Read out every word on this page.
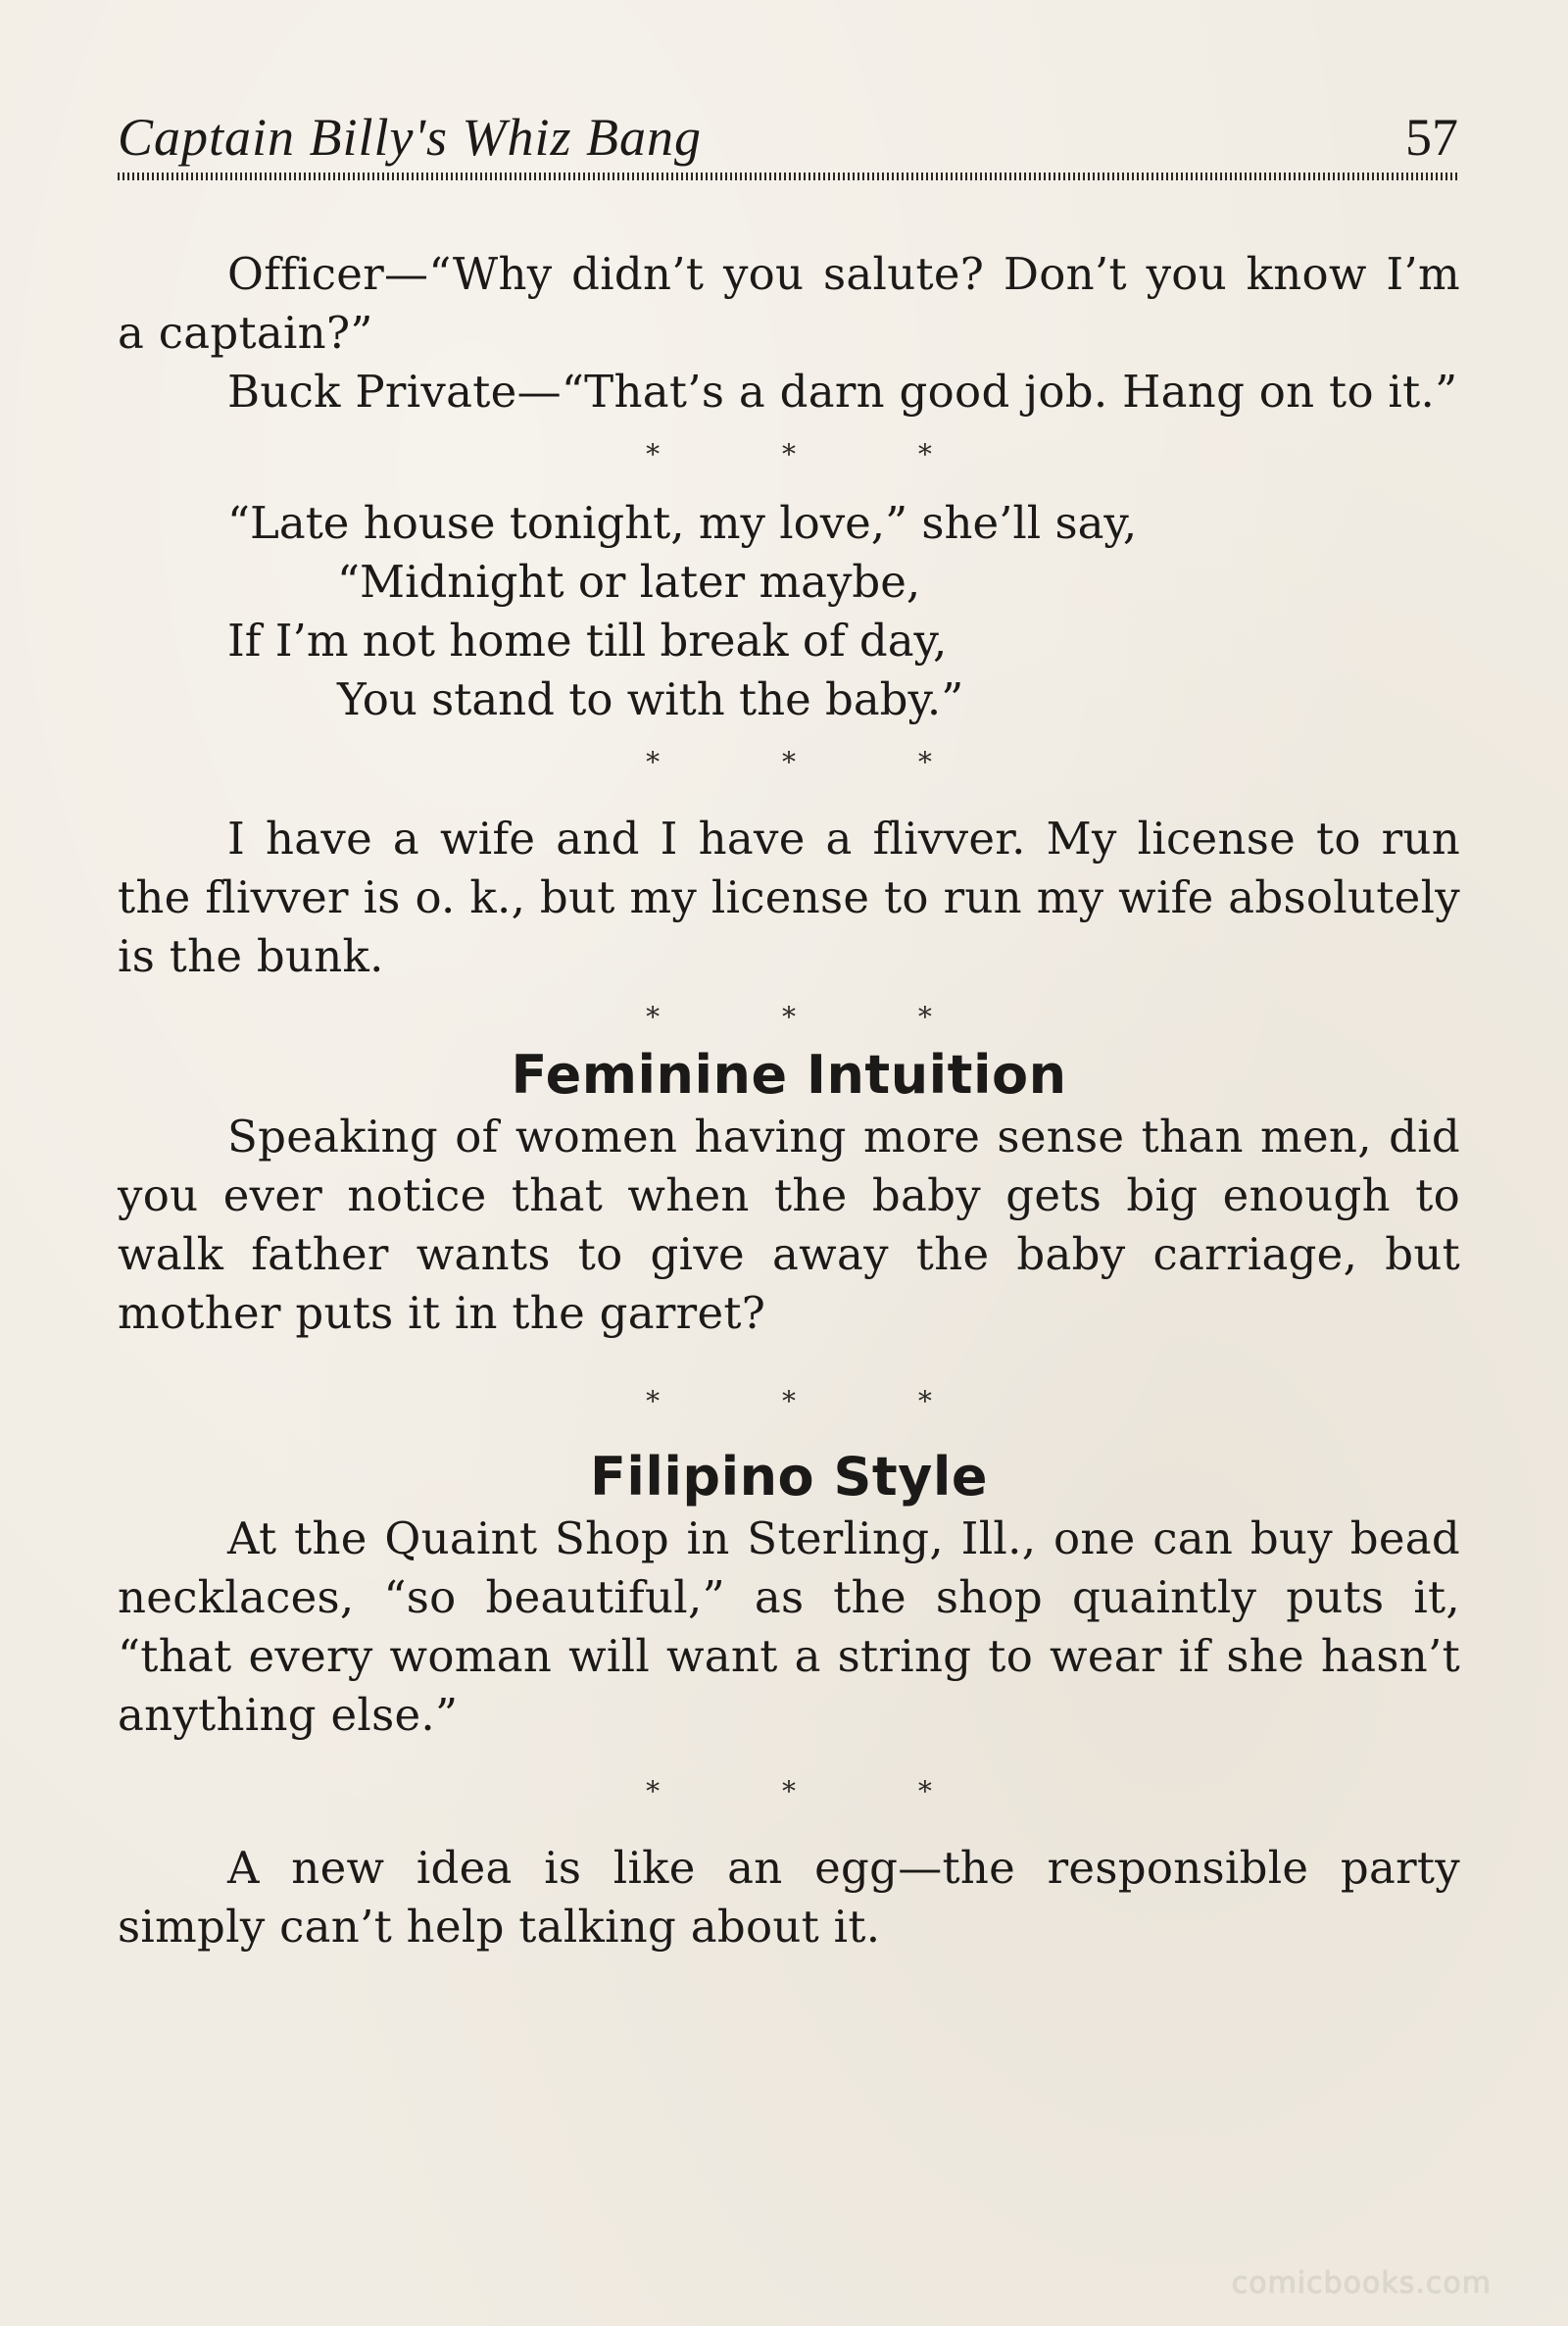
Captain Billy's Whiz Bang	57

Officer—“Why didn’t you salute? Don’t you know I’m a captain?”

Buck Private—“That’s a darn good job. Hang on to it.”

* * *

“Late house tonight, my love,” she’ll say,

“Midnight or later maybe,

If I’m not home till break of day,

You stand to with the baby.”

* * *

I have a wife and I have a flivver. My license to run the flivver is o. k., but my license to run my wife absolutely is the bunk.

* * *

Feminine Intuition

Speaking of women having more sense than men, did you ever notice that when the baby gets big enough to walk father wants to give away the baby carriage, but mother puts it in the garret?

* * *

Filipino Style

At the Quaint Shop in Sterling, Ill., one can buy bead necklaces, “so beautiful,” as the shop quaintly puts it, “that every woman will want a string to wear if she hasn’t anything else.”

* * *

A new idea is like an egg—the responsible party simply can’t help talking about it.

comicbooks.com
